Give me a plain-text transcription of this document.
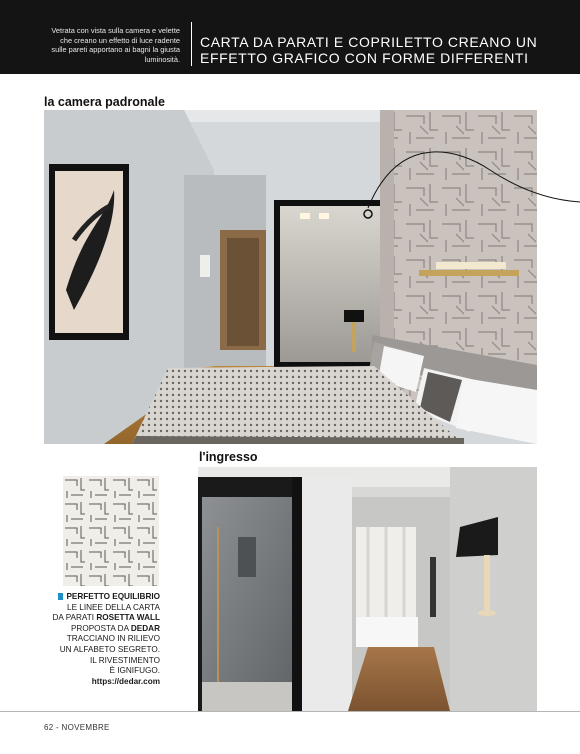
Vetrata con vista sulla camera e velette che creano un effetto di luce radente sulle pareti apportano ai bagni la giusta luminosità.
CARTA DA PARATI E COPRILETTO CREANO UN EFFETTO GRAFICO CON FORME DIFFERENTI
la camera padronale
l'ingresso
PERFETTO EQUILIBRIO
LE LINEE DELLA CARTA
DA PARATI ROSETTA WALL
PROPOSTA DA DEDAR
TRACCIANO IN RILIEVO
UN ALFABETO SEGRETO.
IL RIVESTIMENTO
È IGNIFUGO.
https://dedar.com
62 - NOVEMBRE
